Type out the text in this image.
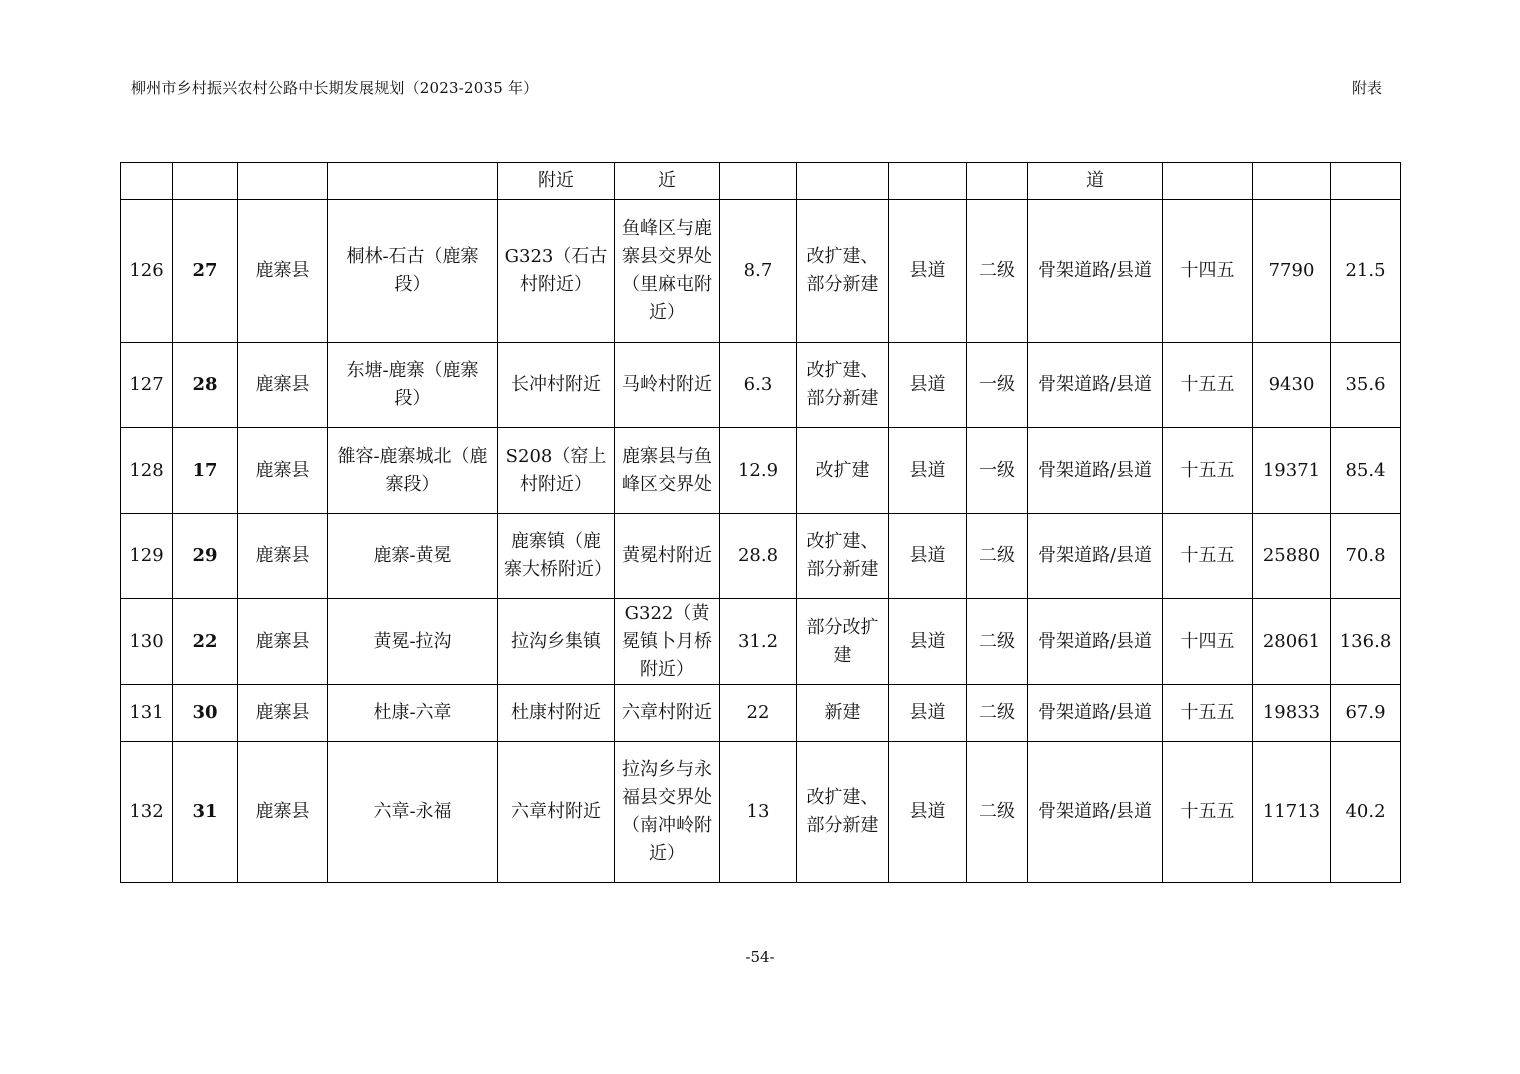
柳州市乡村振兴农村公路中长期发展规划（2023-2035 年）	附表
				附近	近					道			
126	27	鹿寨县	桐林-石古（鹿寨段）	G323（石古村附近）	鱼峰区与鹿寨县交界处（里麻屯附近）	8.7	改扩建、部分新建	县道	二级	骨架道路/县道	十四五	7790	21.5
127	28	鹿寨县	东塘-鹿寨（鹿寨段）	长冲村附近	马岭村附近	6.3	改扩建、部分新建	县道	一级	骨架道路/县道	十五五	9430	35.6
128	17	鹿寨县	雒容-鹿寨城北（鹿寨段）	S208（窑上村附近）	鹿寨县与鱼峰区交界处	12.9	改扩建	县道	一级	骨架道路/县道	十五五	19371	85.4
129	29	鹿寨县	鹿寨-黄冕	鹿寨镇（鹿寨大桥附近）	黄冕村附近	28.8	改扩建、部分新建	县道	二级	骨架道路/县道	十五五	25880	70.8
130	22	鹿寨县	黄冕-拉沟	拉沟乡集镇	G322（黄冕镇卜月桥附近）	31.2	部分改扩建	县道	二级	骨架道路/县道	十四五	28061	136.8
131	30	鹿寨县	杜康-六章	杜康村附近	六章村附近	22	新建	县道	二级	骨架道路/县道	十五五	19833	67.9
132	31	鹿寨县	六章-永福	六章村附近	拉沟乡与永福县交界处（南冲岭附近）	13	改扩建、部分新建	县道	二级	骨架道路/县道	十五五	11713	40.2
-54-
